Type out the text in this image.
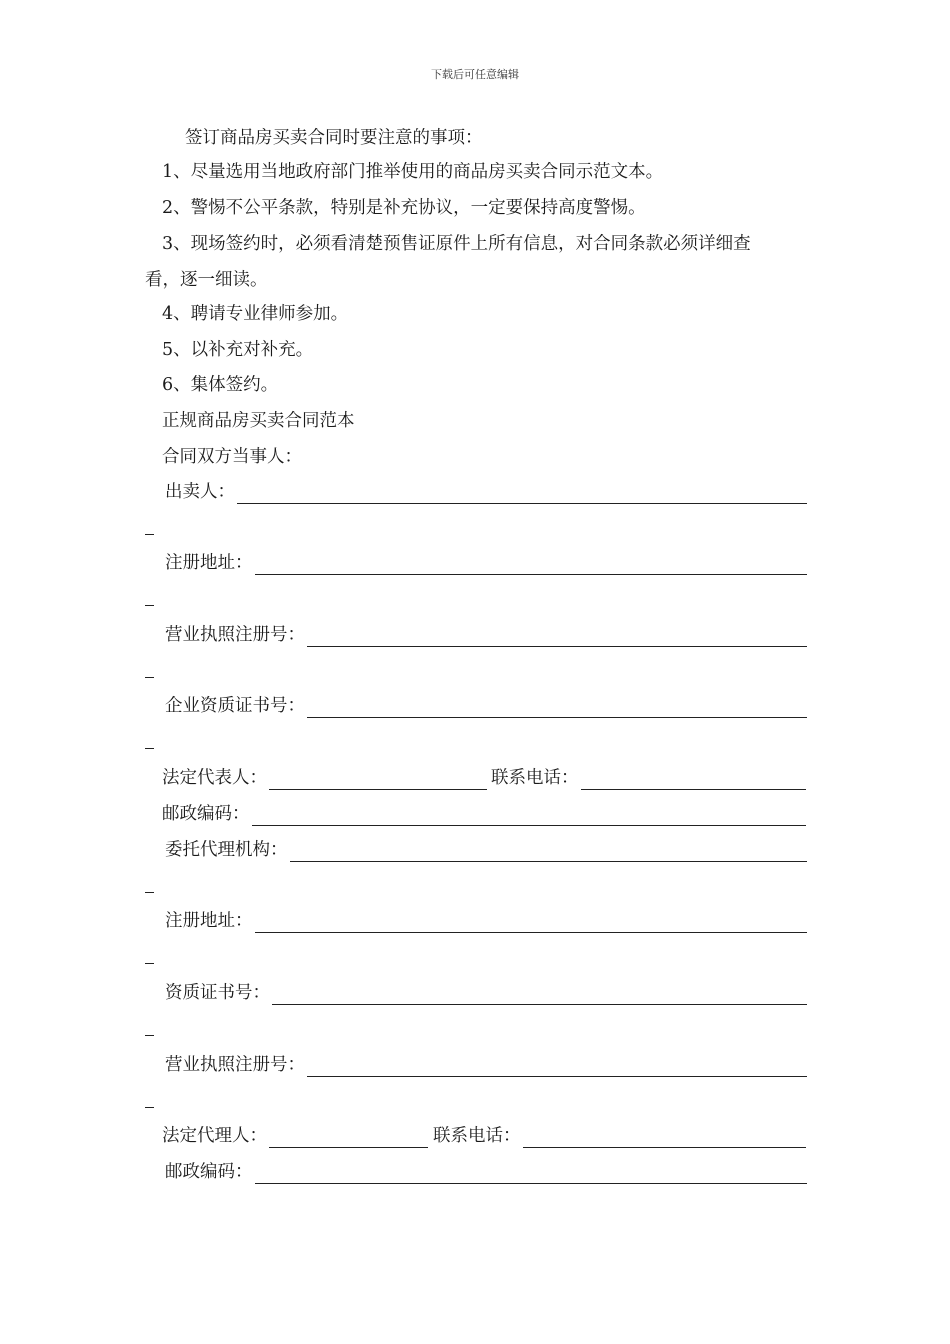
下载后可任意编辑
签订商品房买卖合同时要注意的事项：
1、尽量选用当地政府部门推举使用的商品房买卖合同示范文本。
2、警惕不公平条款，特别是补充协议，一定要保持高度警惕。
3、现场签约时，必须看清楚预售证原件上所有信息，对合同条款必须详细查
看，逐一细读。
4、聘请专业律师参加。
5、以补充对补充。
6、集体签约。
正规商品房买卖合同范本
合同双方当事人：
出卖人：
注册地址：
营业执照注册号：
企业资质证书号：
法定代表人：	联系电话：
邮政编码：
委托代理机构：
注册地址：
资质证书号：
营业执照注册号：
法定代理人：	联系电话：
邮政编码：
